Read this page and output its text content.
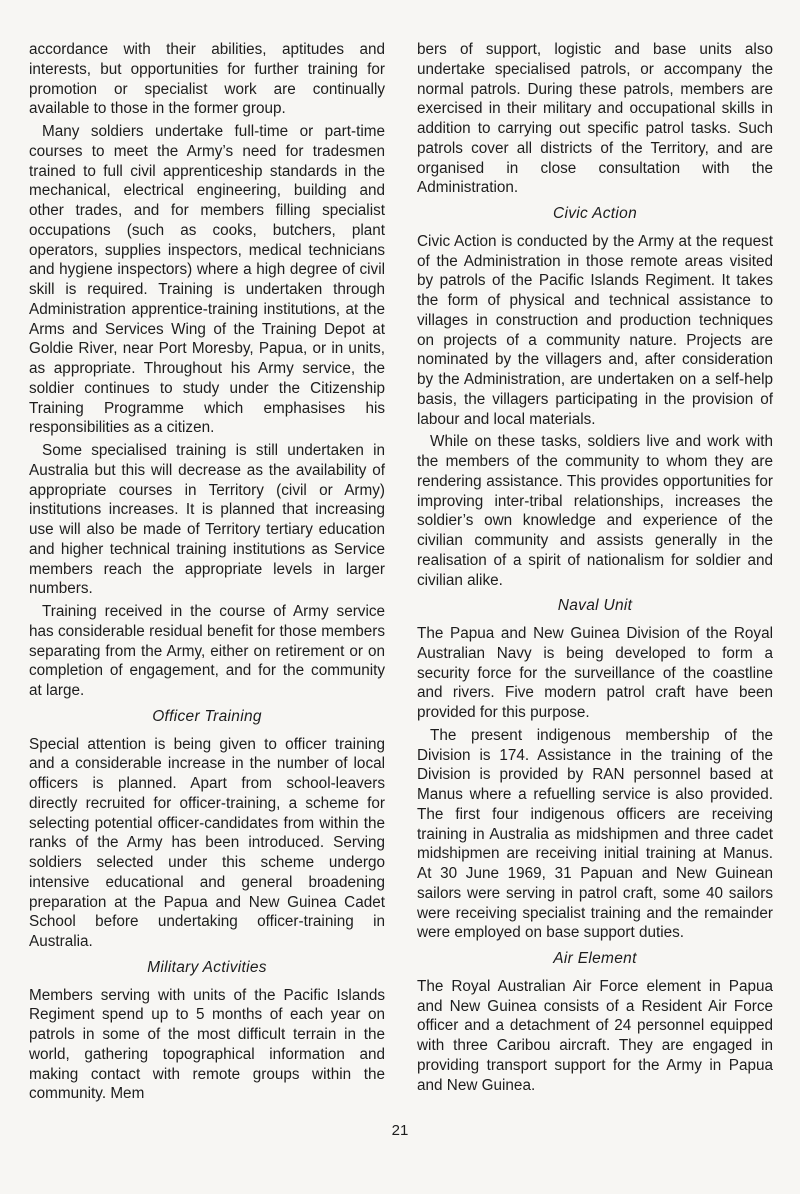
accordance with their abilities, aptitudes and interests, but opportunities for further training for promotion or specialist work are continually available to those in the former group.

Many soldiers undertake full-time or part-time courses to meet the Army’s need for tradesmen trained to full civil apprenticeship standards in the mechanical, electrical engineering, building and other trades, and for members filling specialist occupations (such as cooks, butchers, plant operators, supplies inspectors, medical technicians and hygiene inspectors) where a high degree of civil skill is required. Training is undertaken through Administration apprentice-training institutions, at the Arms and Services Wing of the Training Depot at Goldie River, near Port Moresby, Papua, or in units, as appropriate. Throughout his Army service, the soldier continues to study under the Citizenship Training Programme which emphasises his responsibilities as a citizen.

Some specialised training is still undertaken in Australia but this will decrease as the availability of appropriate courses in Territory (civil or Army) institutions increases. It is planned that increasing use will also be made of Territory tertiary education and higher technical training institutions as Service members reach the appropriate levels in larger numbers.

Training received in the course of Army service has considerable residual benefit for those members separating from the Army, either on retirement or on completion of engagement, and for the community at large.

Officer Training

Special attention is being given to officer training and a considerable increase in the number of local officers is planned. Apart from school-leavers directly recruited for officer-training, a scheme for selecting potential officer-candidates from within the ranks of the Army has been introduced. Serving soldiers selected under this scheme undergo intensive educational and general broadening preparation at the Papua and New Guinea Cadet School before undertaking officer-training in Australia.

Military Activities

Members serving with units of the Pacific Islands Regiment spend up to 5 months of each year on patrols in some of the most difficult terrain in the world, gathering topographical information and making contact with remote groups within the community. Mem

bers of support, logistic and base units also undertake specialised patrols, or accompany the normal patrols. During these patrols, members are exercised in their military and occupational skills in addition to carrying out specific patrol tasks. Such patrols cover all districts of the Territory, and are organised in close consultation with the Administration.

Civic Action

Civic Action is conducted by the Army at the request of the Administration in those remote areas visited by patrols of the Pacific Islands Regiment. It takes the form of physical and technical assistance to villages in construction and production techniques on projects of a community nature. Projects are nominated by the villagers and, after consideration by the Administration, are undertaken on a self-help basis, the villagers participating in the provision of labour and local materials.

While on these tasks, soldiers live and work with the members of the community to whom they are rendering assistance. This provides opportunities for improving inter-tribal relationships, increases the soldier’s own knowledge and experience of the civilian community and assists generally in the realisation of a spirit of nationalism for soldier and civilian alike.

Naval Unit

The Papua and New Guinea Division of the Royal Australian Navy is being developed to form a security force for the surveillance of the coastline and rivers. Five modern patrol craft have been provided for this purpose.

The present indigenous membership of the Division is 174. Assistance in the training of the Division is provided by RAN personnel based at Manus where a refuelling service is also provided. The first four indigenous officers are receiving training in Australia as midshipmen and three cadet midshipmen are receiving initial training at Manus. At 30 June 1969, 31 Papuan and New Guinean sailors were serving in patrol craft, some 40 sailors were receiving specialist training and the remainder were employed on base support duties.

Air Element

The Royal Australian Air Force element in Papua and New Guinea consists of a Resident Air Force officer and a detachment of 24 personnel equipped with three Caribou aircraft. They are engaged in providing transport support for the Army in Papua and New Guinea.

21
